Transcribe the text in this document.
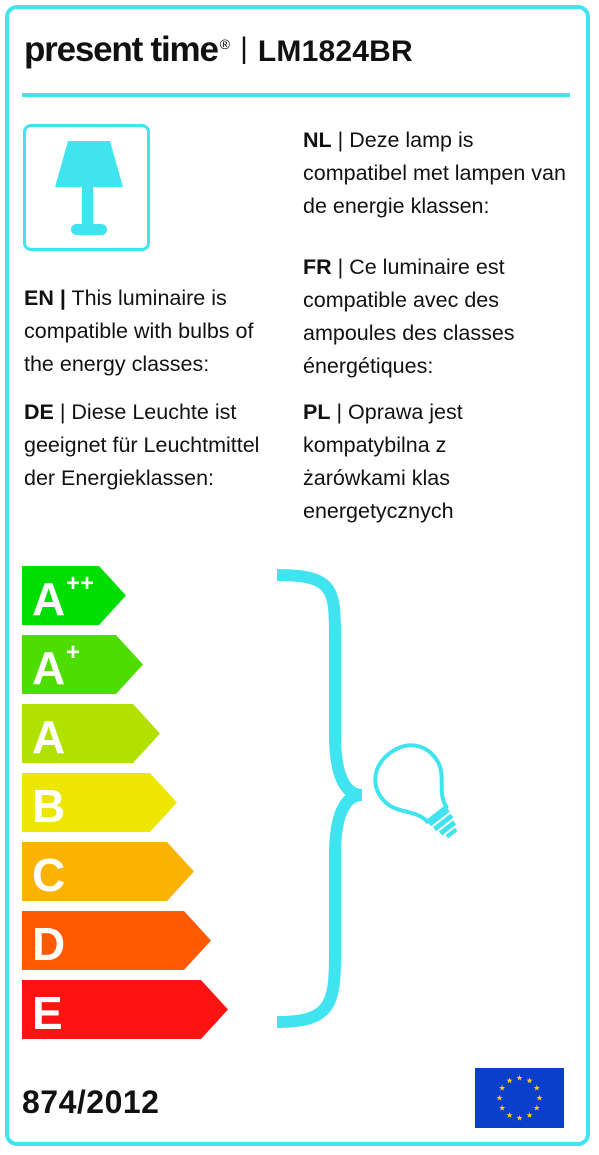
present time ® | LM1824BR
EN | This luminaire is compatible with bulbs of the energy classes:
DE | Diese Leuchte ist geeignet für Leuchtmittel der Energieklassen:
NL | Deze lamp is compatibel met lampen van de energie klassen:
FR | Ce luminaire est compatible avec des ampoules des classes énergétiques:
PL | Oprawa jest kompatybilna z żarówkami klas energetycznych
E
D
C
B
A
A +
A ++
874/2012
